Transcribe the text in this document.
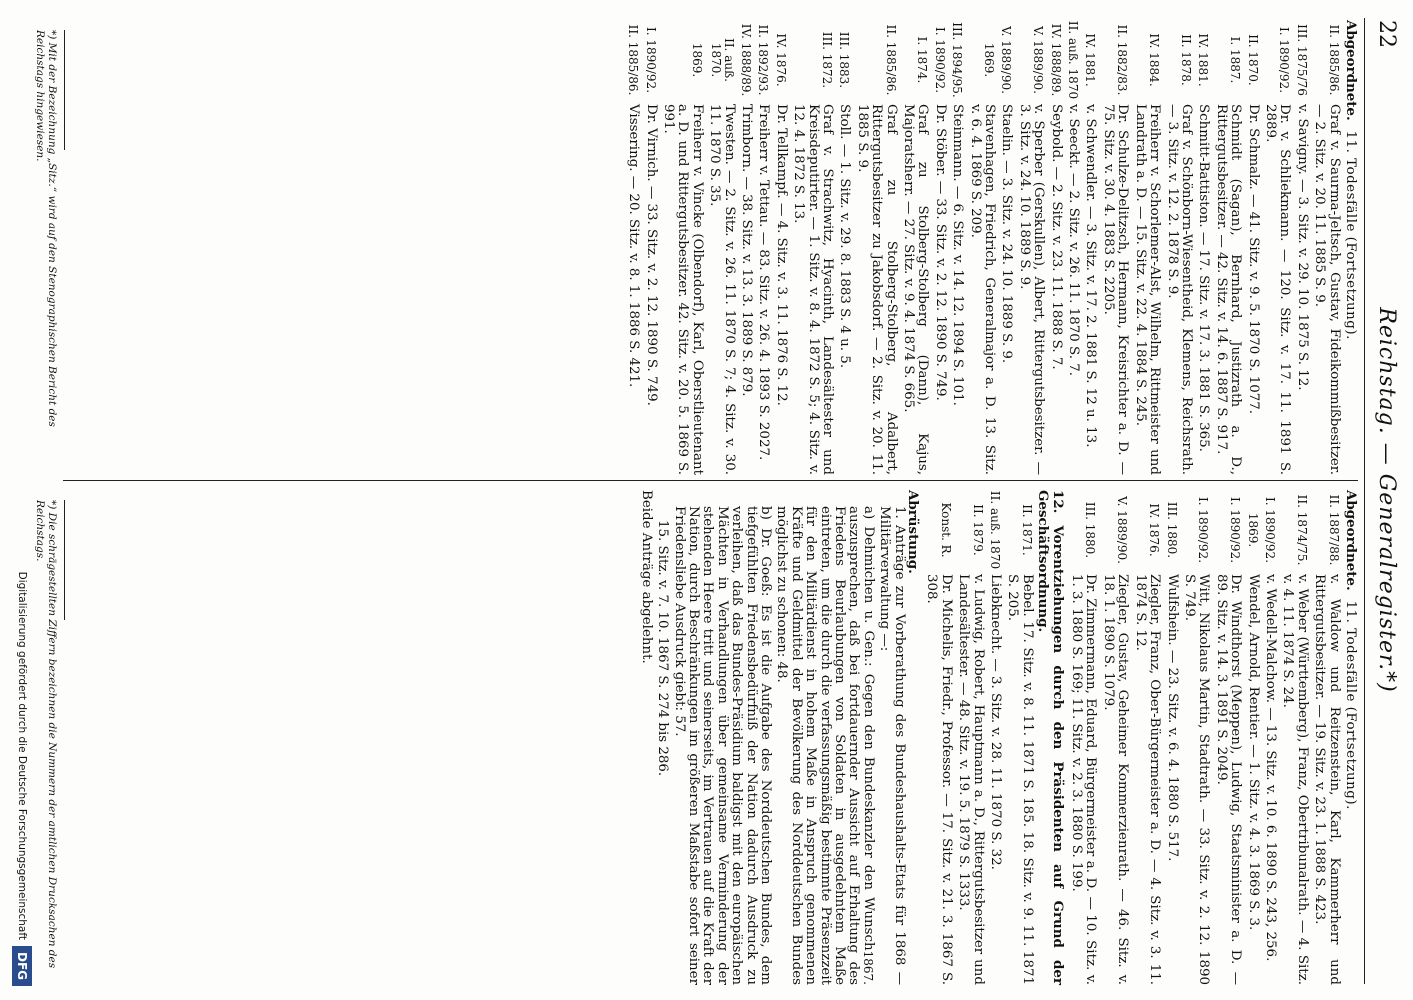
22
Reichstag. — Generalregister.*)
Abgeordnete.11. Todesfälle (Fortsetzung).
II. 1885/86.
Graf v. Saurma-Jeltsch, Gustav, Fideikommißbesitzer. — 2. Sitz. v. 20. 11. 1885 S. 9.
III. 1875/76
v. Savigny. — 3. Sitz. v. 29. 10. 1875 S. 12.
I. 1890/92.
Dr. v. Schliekmann. — 120. Sitz. v. 17. 11. 1891 S. 2889.
II. 1870.
Dr. Schmalz. — 41. Sitz. v. 9. 5. 1870 S. 1077.
I. 1887.
Schmidt (Sagan), Bernhard, Justizrath a. D., Rittergutsbesitzer. — 42. Sitz. v. 14. 6. 1887 S. 917.
IV. 1881.
Schmitt-Battiston. — 17. Sitz. v. 17. 3. 1881 S. 365.
II. 1878.
Graf v. Schönborn-Wiesentheid, Klemens, Reichsrath. — 3. Sitz. v. 12. 2. 1878 S. 9.
IV. 1884.
Freiherr v. Schorlemer-Alst, Wilhelm, Rittmeister und Landrath a. D. — 15. Sitz. v. 22. 4. 1884 S. 245.
II. 1882/83.
Dr. Schulze-Delitzsch, Hermann, Kreisrichter a. D. — 75. Sitz. v. 30. 4. 1883 S. 2205.
IV. 1881.
v. Schwendler. — 3. Sitz. v. 17. 2. 1881 S. 12 u. 13.
II. auß. 1870
v. Seeckt. — 2. Sitz. v. 26. 11. 1870 S. 7.
IV. 1888/89.
Seybold. — 2. Sitz. v. 23. 11. 1888 S. 7.
V. 1889/90.
v. Sperber (Gerskullen), Albert, Rittergutsbesitzer. — 3. Sitz. v. 24. 10. 1889 S. 9.
V. 1889/90.
Staelin. — 3. Sitz. v. 24. 10. 1889 S. 9.
1869.
Stavenhagen, Friedrich, Generalmajor a. D. 13. Sitz. v. 6. 4. 1869 S. 209.
III. 1894/95.
Steinmann. — 6. Sitz. v. 14. 12. 1894 S. 101.
I. 1890/92.
Dr. Stöber. — 33. Sitz. v. 2. 12. 1890 S. 749.
I. 1874.
Graf zu Stolberg-Stolberg (Dann), Kajus, Majoratsherr. — 27. Sitz. v. 9. 4. 1874 S. 665.
II. 1885/86.
Graf zu Stolberg-Stolberg, Adalbert, Rittergutsbesitzer zu Jakobsdorf. — 2. Sitz. v. 20. 11. 1885 S. 9.
III. 1883.
Stoll. — 1. Sitz. v. 29. 8. 1883 S. 4 u. 5.
III. 1872.
Graf v. Strachwitz, Hyacinth, Landesältester und Kreisdeputirter. — 1. Sitz. v. 8. 4. 1872 S. 5; 4. Sitz. v. 12. 4. 1872 S. 13.
IV. 1876.
Dr. Tellkampf. — 4. Sitz. v. 3. 11. 1876 S. 12.
II. 1892/93.
Freiherr v. Tettau. — 83. Sitz. v. 26. 4. 1893 S. 2027.
IV. 1888/89.
Trimborn. — 38. Sitz. v. 13. 3. 1889 S. 879.
II. auß. 1870.
Twesten. — 2. Sitz. v. 26. 11. 1870 S. 7; 4. Sitz. v. 30. 11. 1870 S. 35.
1869.
Freiherr v. Vincke (Olbendorf), Karl, Oberstlieutenant a. D. und Rittergutsbesitzer. 42. Sitz. v. 20. 5. 1869 S. 991.
I. 1890/92.
Dr. Virnich. — 33. Sitz. v. 2. 12. 1890 S. 749.
II. 1885/86.
Vissering. — 20. Sitz. v. 8. 1. 1886 S. 421.
Abgeordnete.11. Todesfälle (Fortsetzung).
II. 1887/88.
v. Waldow und Reitzenstein, Karl, Kammerherr und Rittergutsbesitzer. — 19. Sitz. v. 23. 1. 1888 S. 423.
II. 1874/75.
v. Weber (Württemberg), Franz, Obertribunalrath. — 4. Sitz. v. 4. 11. 1874 S. 24.
I. 1890/92.
v. Wedell-Malchow. — 13. Sitz. v. 10. 6. 1890 S. 243, 256.
1869.
Wendel, Arnold, Rentier. — 1. Sitz. v. 4. 3. 1869 S. 3.
I. 1890/92.
Dr. Windthorst (Meppen), Ludwig, Staatsminister a. D. — 89. Sitz. v. 14. 3. 1891 S. 2049.
I. 1890/92.
Witt, Nikolaus Martin, Stadtrath. — 33. Sitz. v. 2. 12. 1890 S. 749.
III. 1880.
Wulfshein. — 23. Sitz. v. 6. 4. 1880 S. 517.
IV. 1876.
Ziegler, Franz, Ober-Bürgermeister a. D. — 4. Sitz. v. 3. 11. 1874 S. 12.
V. 1889/90.
Ziegler, Gustav, Geheimer Kommerzienrath. — 46. Sitz. v. 18. 1. 1890 S. 1079.
III. 1880.
Dr. Zimmermann, Eduard, Bürgermeister a. D. — 10. Sitz. v. 1. 3. 1880 S. 169; 11. Sitz. v. 2. 3. 1880 S. 199.
12. Vorentziehungen durch den Präsidenten auf Grund der Geschäftsordnung.
II. 1871.
Bebel. 17. Sitz. v. 8. 11. 1871 S. 185. 18. Sitz. v. 9. 11. 1871 S. 205.
II. auß. 1870
Liebknecht. — 3. Sitz. v. 28. 11. 1870 S. 32.
II. 1879.
v. Ludwig, Robert, Hauptmann a. D., Rittergutsbesitzer und Landesältester. — 48. Sitz. v. 19. 5. 1879 S. 1333.
Konst. R.
Dr. Michelis, Friedr., Professor. — 17. Sitz. v. 21. 3. 1867 S. 308.
Abrüstung.
1. Anträge zur Vorberathung des Bundeshaushalts-Etats für 1868 — Militärverwaltung —:
1867.
a) Dehmichen u. Gen.: Gegen den Bundeskanzler den Wunsch auszusprechen, daß bei fortdauernder Aussicht auf Erhaltung des Friedens Beurlaubungen von Soldaten in ausgedehntem Maße eintreten, um die durch die verfassungsmäßig bestimmte Präsenzzeit für den Militärdienst in hohem Maße in Anspruch genommenen Kräfte und Geldmittel der Bevölkerung des Norddeutschen Bundes möglichst zu schonen: 48.
b) Dr. Goeß: Es ist die Aufgabe des Norddeutschen Bundes, dem tiefgefühlten Friedensbedürfniß der Nation dadurch Ausdruck zu verleihen, daß das Bundes-Präsidium baldigst mit den europäischen Mächten in Verhandlungen über gemeinsame Verminderung der stehenden Heere tritt und seinerseits, im Vertrauen auf die Kraft der Nation, durch Beschränkungen im größeren Maßstabe sofort seiner Friedensliebe Ausdruck giebt: 57.
15. Sitz. v. 7. 10. 1867 S. 274 bis 286.
Beide Anträge abgelehnt.
*) Mit der Bezeichnung „Sitz.“ wird auf den Stenographischen Bericht des Reichstags hingewiesen.
*) Die schrägestellten Ziffern bezeichnen die Nummern der amtlichen Drucksachen des Reichstags.
Digitalisierung gefördert durch die Deutsche Forschungsgemeinschaft
DFG
